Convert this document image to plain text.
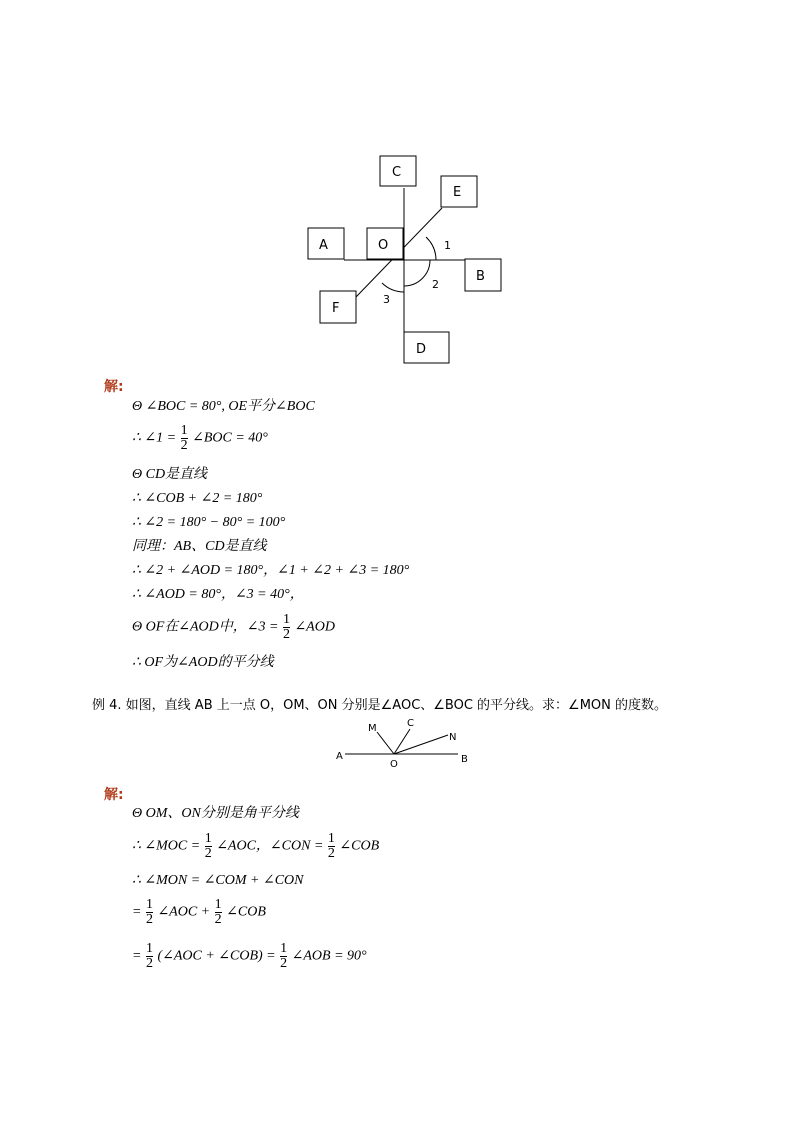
C
E
A	O
B
F
D
1
2
3
解:
Θ ∠BOC = 80°, OE平分∠BOC
∴ ∠1 = $\frac{1}{2}$ ∠BOC = 40°
Θ CD是直线
∴ ∠COB + ∠2 = 180°
∴ ∠2 = 180° − 80° = 100°
同理：AB、CD是直线
∴ ∠2 + ∠AOD = 180°，∠1 + ∠2 + ∠3 = 180°
∴ ∠AOD = 80°，∠3 = 40°，
Θ OF在∠AOD中，∠3 = $\frac{1}{2}$ ∠AOD
∴ OF为∠AOD的平分线
例 4. 如图，直线 AB 上一点 O，OM、ON 分别是∠AOC、∠BOC 的平分线。求：∠MON 的度数。
A
O	B
M	C
N
解:
Θ OM、ON分别是角平分线
∴ ∠MOC = $\frac{1}{2}$ ∠AOC，∠CON = $\frac{1}{2}$ ∠COB
∴ ∠MON = ∠COM + ∠CON
= $\frac{1}{2}$ ∠AOC + $\frac{1}{2}$ ∠COB
= $\frac{1}{2}$ (∠AOC + ∠COB) = $\frac{1}{2}$ ∠AOB = 90°
